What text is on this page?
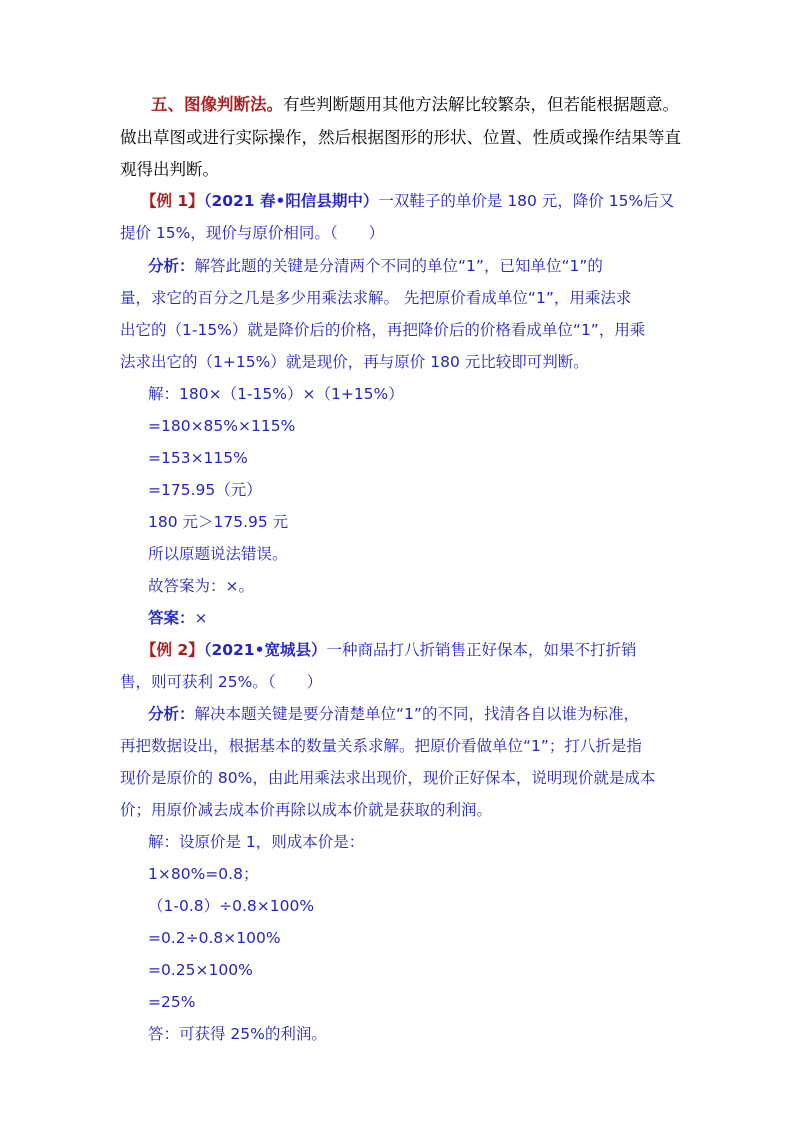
五、图像判断法。有些判断题用其他方法解比较繁杂，但若能根据题意。
做出草图或进行实际操作，然后根据图形的形状、位置、性质或操作结果等直
观得出判断。
【例 1】（2021 春•阳信县期中）一双鞋子的单价是 180 元，降价 15%后又
提价 15%，现价与原价相同。（　　）
分析：解答此题的关键是分清两个不同的单位“1”，已知单位“1”的
量，求它的百分之几是多少用乘法求解。 先把原价看成单位“1”，用乘法求
出它的（1-15%）就是降价后的价格，再把降价后的价格看成单位“1”，用乘
法求出它的（1+15%）就是现价，再与原价 180 元比较即可判断。
解：180×（1-15%）×（1+15%）
=180×85%×115%
=153×115%
=175.95（元）
180 元＞175.95 元
所以原题说法错误。
故答案为：×。
答案：×
【例 2】（2021•宽城县）一种商品打八折销售正好保本，如果不打折销
售，则可获利 25%。（　　）
分析：解决本题关键是要分清楚单位“1”的不同，找清各自以谁为标准，
再把数据设出，根据基本的数量关系求解。把原价看做单位“1”；打八折是指
现价是原价的 80%，由此用乘法求出现价，现价正好保本，说明现价就是成本
价；用原价减去成本价再除以成本价就是获取的利润。
解：设原价是 1，则成本价是：
1×80%=0.8；
（1-0.8）÷0.8×100%
=0.2÷0.8×100%
=0.25×100%
=25%
答：可获得 25%的利润。
